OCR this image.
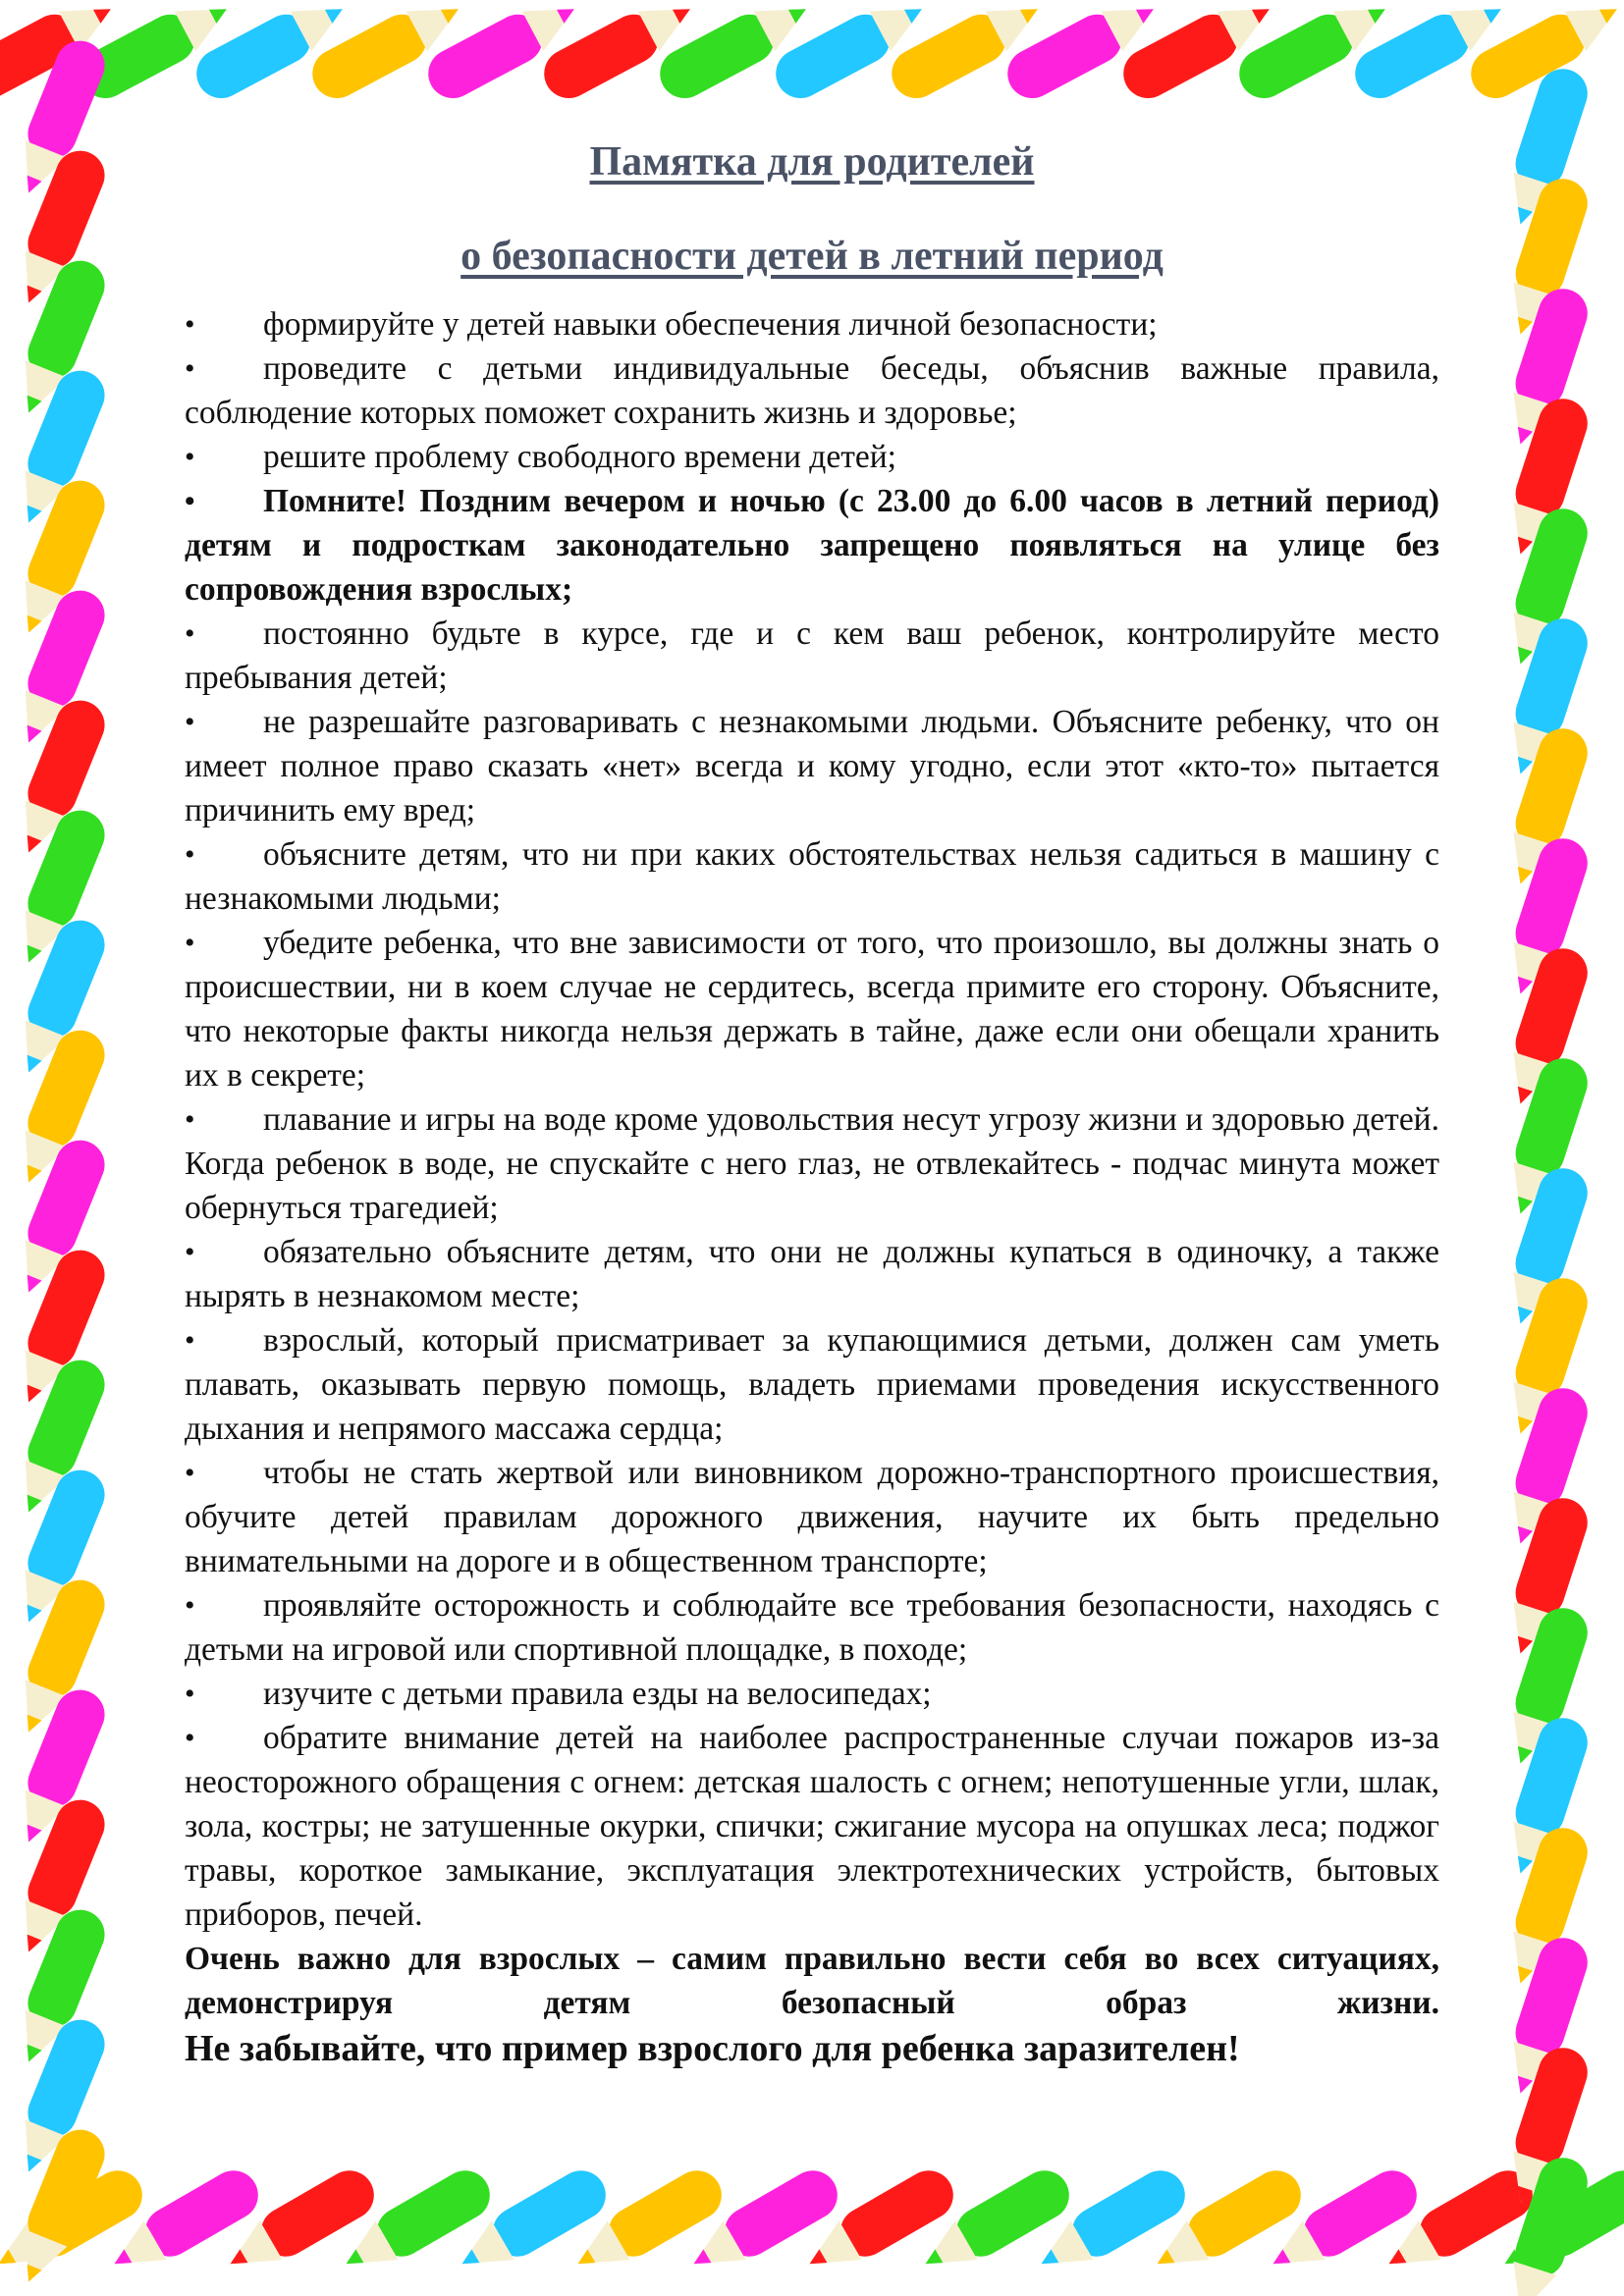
Памятка для родителей
о безопасности детей в летний период
• формируйте у детей навыки обеспечения личной безопасности;
• проведите с детьми индивидуальные беседы, объяснив важные правила, соблюдение которых поможет сохранить жизнь и здоровье;
• решите проблему свободного времени детей;
• Помните! Поздним вечером и ночью (с 23.00 до 6.00 часов в летний период) детям и подросткам законодательно запрещено появляться на улице без сопровождения взрослых;
• постоянно будьте в курсе, где и с кем ваш ребенок, контролируйте место пребывания детей;
• не разрешайте разговаривать с незнакомыми людьми. Объясните ребенку, что он имеет полное право сказать «нет» всегда и кому угодно, если этот «кто-то» пытается причинить ему вред;
• объясните детям, что ни при каких обстоятельствах нельзя садиться в машину с незнакомыми людьми;
• убедите ребенка, что вне зависимости от того, что произошло, вы должны знать о происшествии, ни в коем случае не сердитесь, всегда примите его сторону. Объясните, что некоторые факты никогда нельзя держать в тайне, даже если они обещали хранить их в секрете;
• плавание и игры на воде кроме удовольствия несут угрозу жизни и здоровью детей. Когда ребенок в воде, не спускайте с него глаз, не отвлекайтесь - подчас минута может обернуться трагедией;
• обязательно объясните детям, что они не должны купаться в одиночку, а также нырять в незнакомом месте;
• взрослый, который присматривает за купающимися детьми, должен сам уметь плавать, оказывать первую помощь, владеть приемами проведения искусственного дыхания и непрямого массажа сердца;
• чтобы не стать жертвой или виновником дорожно-транспортного происшествия, обучите детей правилам дорожного движения, научите их быть предельно внимательными на дороге и в общественном транспорте;
• проявляйте осторожность и соблюдайте все требования безопасности, находясь с детьми на игровой или спортивной площадке, в походе;
• изучите с детьми правила езды на велосипедах;
• обратите внимание детей на наиболее распространенные случаи пожаров из-за неосторожного обращения с огнем: детская шалость с огнем; непотушенные угли, шлак, зола, костры; не затушенные окурки, спички; сжигание мусора на опушках леса; поджог травы, короткое замыкание, эксплуатация электротехнических устройств, бытовых приборов, печей.

Очень важно для взрослых – самим правильно вести себя во всех ситуациях, демонстрируя детям безопасный образ жизни.

Не забывайте, что пример взрослого для ребенка заразителен!
